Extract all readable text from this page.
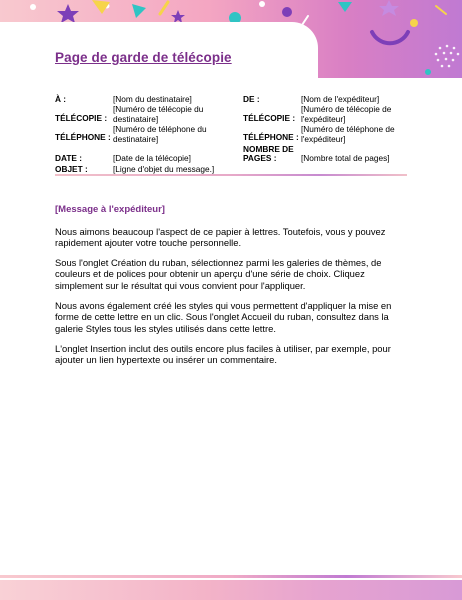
Page de garde de télécopie
À :	[Nom du destinataire]
TÉLÉCOPIE :
[Numéro de télécopie du destinataire]
TÉLÉPHONE :
[Numéro de téléphone du destinataire]
DATE :	[Date de la télécopie]
DE :	[Nom de l'expéditeur]
TÉLÉCOPIE :
[Numéro de télécopie de l'expéditeur]
TÉLÉPHONE :
[Numéro de téléphone de l'expéditeur]
NOMBRE DE PAGES :	[Nombre total de pages]
OBJET :	[Ligne d'objet du message.]
[Message à l'expéditeur]
Nous aimons beaucoup l'aspect de ce papier à lettres. Toutefois, vous y pouvez rapidement ajouter votre touche personnelle.
Sous l'onglet Création du ruban, sélectionnez parmi les galeries de thèmes, de couleurs et de polices pour obtenir un aperçu d'une série de choix. Cliquez simplement sur le résultat qui vous convient pour l'appliquer.
Nous avons également créé les styles qui vous permettent d'appliquer la mise en forme de cette lettre en un clic. Sous l'onglet Accueil du ruban, consultez dans la galerie Styles tous les styles utilisés dans cette lettre.
L'onglet Insertion inclut des outils encore plus faciles à utiliser, par exemple, pour ajouter un lien hypertexte ou insérer un commentaire.
